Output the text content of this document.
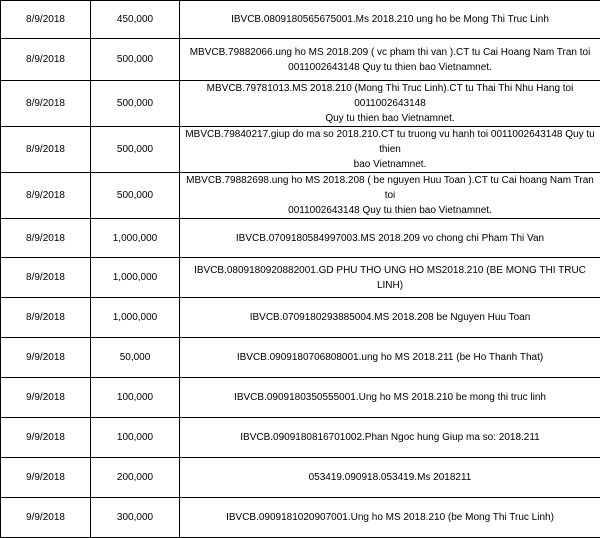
8/9/2018	450,000	IBVCB.0809180565675001.Ms 2018.210 ung ho be Mong Thi Truc Linh
8/9/2018	500,000	MBVCB.79882066.ung ho MS 2018.209 ( vc pham thi van ).CT tu Cai Hoang Nam Tran toi
0011002643148 Quy tu thien bao Vietnamnet.
8/9/2018	500,000	MBVCB.79781013.MS 2018.210 (Mong Thi Truc Linh).CT tu Thai Thi Nhu Hang toi 0011002643148
Quy tu thien bao Vietnamnet.
8/9/2018	500,000	MBVCB.79840217.giup do ma so 2018.210.CT tu truong vu hanh toi 0011002643148 Quy tu thien
bao Vietnamnet.
8/9/2018	500,000	MBVCB.79882698.ung ho MS 2018.208 ( be nguyen Huu Toan ).CT tu Cai hoang Nam Tran toi
0011002643148 Quy tu thien bao Vietnamnet.
8/9/2018	1,000,000	IBVCB.0709180584997003.MS 2018.209 vo chong chi Pham Thi Van
8/9/2018	1,000,000	IBVCB.0809180920882001.GD PHU THO UNG HO MS2018.210 (BE MONG THI TRUC LINH)
8/9/2018	1,000,000	IBVCB.0709180293885004.MS 2018.208 be Nguyen Huu Toan
9/9/2018	50,000	IBVCB.0909180706808001.ung ho MS 2018.211 (be Ho Thanh That)
9/9/2018	100,000	IBVCB.0909180350555001.Ung ho MS 2018.210 be mong thi truc linh
9/9/2018	100,000	IBVCB.0909180816701002.Phan Ngoc hung Giup ma so: 2018.211
9/9/2018	200,000	053419.090918.053419.Ms 2018211
9/9/2018	300,000	IBVCB.0909181020907001.Ung ho MS 2018.210 (be Mong Thi Truc Linh)
